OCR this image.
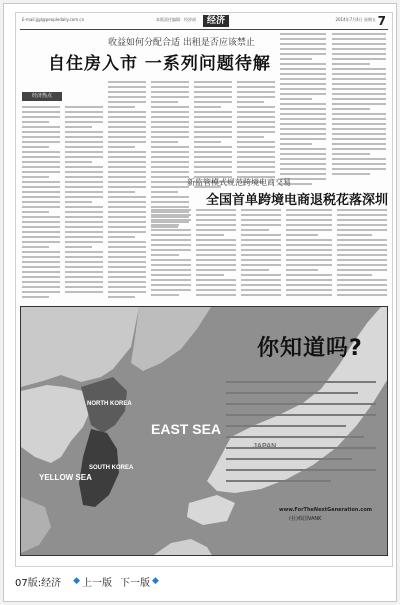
E-mail:jjgl@peopledaily.com.cn	本版责任编辑：经济部	经济	2014年7月4日 星期五 7
收益如何分配合适 出租是否应该禁止
自住房入市 一系列问题待解
经济热点
新监管模式规范跨境电商交易
全国首单跨境电商退税花落深圳
EAST SEA
YELLOW SEA
NORTH KOREA
SOUTH KOREA
你知道吗?
www.ForTheNextGeneration.com
(社)韩国VANK
07版:经济 ◆ 上一版 下一版 ◆
